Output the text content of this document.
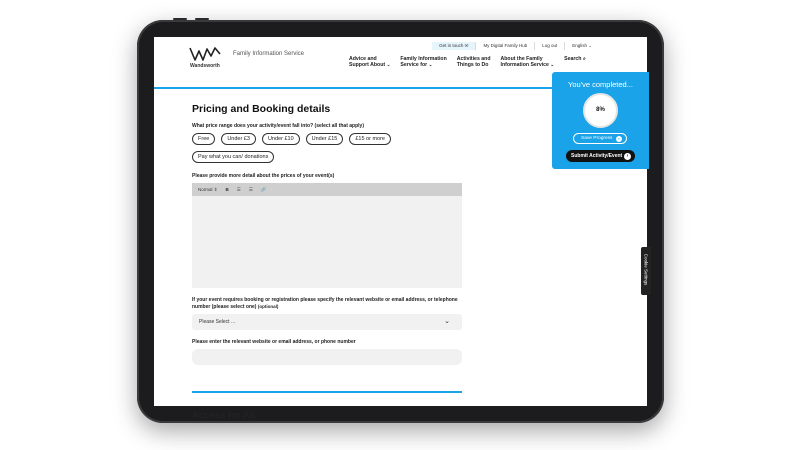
Wandsworth
Family Information Service
Get in touch ✉	My Digital Family Hub	Log out	English ⌄
Advice and
Support About ⌄
Family Information
Service for ⌄
Activities and
Things to Do
About the Family
Information Service ⌄
Search ⌕
Pricing and Booking details
What price range does your activity/event fall into? (select all that apply)
Free	Under £3	Under £10	Under £15	£15 or more
Pay what you can/ donations
Please provide more detail about the prices of your event(s)
Normal ⇕ B ☰ ☰ 🔗
If your event requires booking or registration please specify the relevant website or email address, or telephone number (please select one) (optional)
Please Select ...	⌄
Please enter the relevant website or email address, or phone number
Access for All
You've completed...
8%
Save Progress	▪
Submit Activity/Event ›
Cookie Settings
